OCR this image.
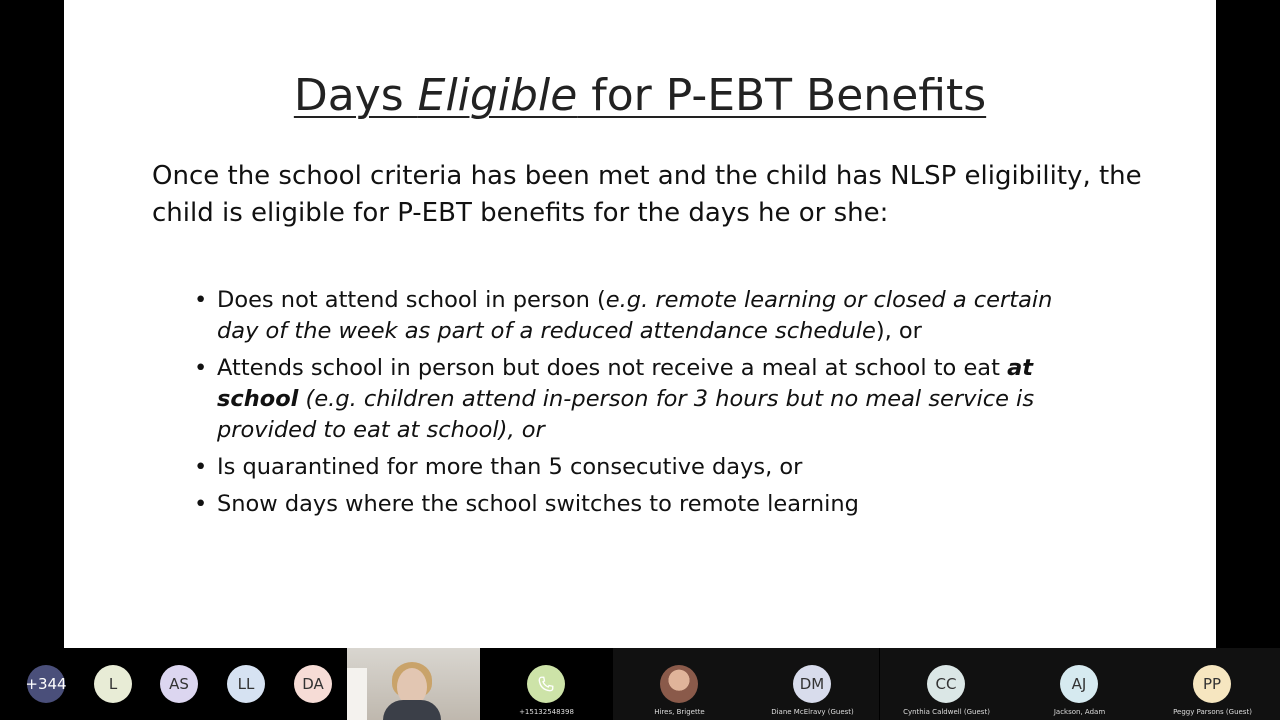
Days Eligible for P-EBT Benefits
Once the school criteria has been met and the child has NLSP eligibility, the child is eligible for P-EBT benefits for the days he or she:
• Does not attend school in person (e.g. remote learning or closed a certain day of the week as part of a reduced attendance schedule), or
• Attends school in person but does not receive a meal at school to eat at school (e.g. children attend in-person for 3 hours but no meal service is provided to eat at school), or
• Is quarantined for more than 5 consecutive days, or
• Snow days where the school switches to remote learning
+344	L	AS	LL	DA
+15132548398	Hires, Brigette
DM
Diane McElravy (Guest)
CC
Cynthia Caldwell (Guest)
AJ
Jackson, Adam
PP
Peggy Parsons (Guest)
